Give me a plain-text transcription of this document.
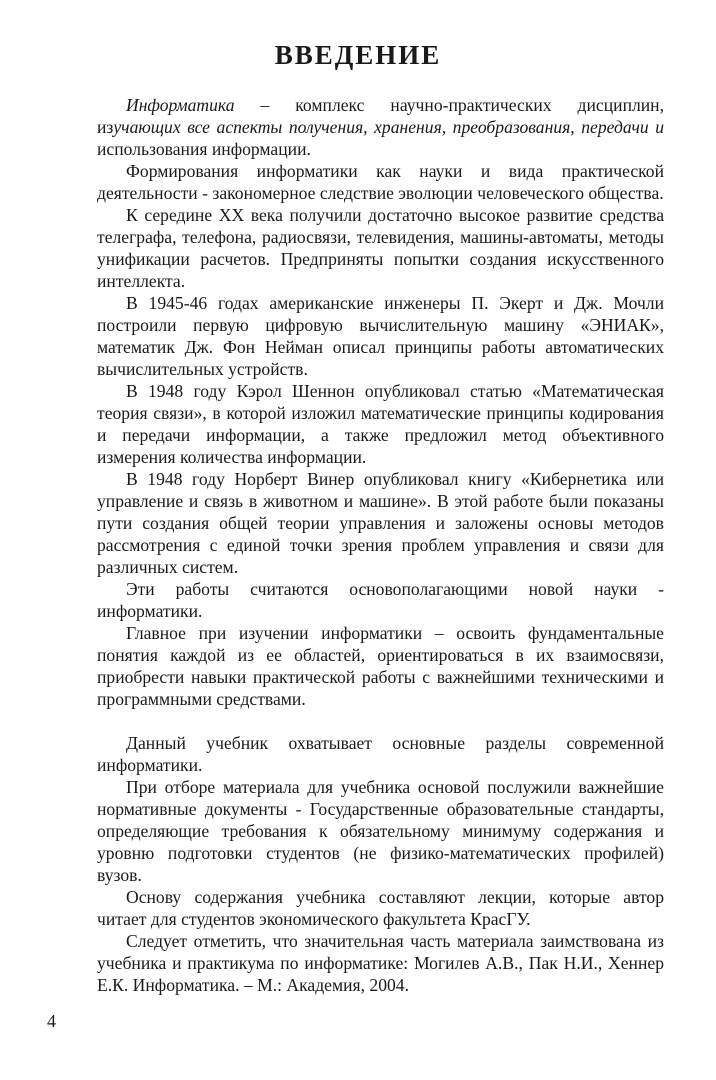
ВВЕДЕНИЕ

Информатика – комплекс научно-практических дисциплин, изучающих все аспекты получения, хранения, преобразования, передачи и использования информации.

Формирования информатики как науки и вида практической деятельности - закономерное следствие эволюции человеческого общества.

К середине XX века получили достаточно высокое развитие средства телеграфа, телефона, радиосвязи, телевидения, машины-автоматы, методы унификации расчетов. Предприняты попытки создания искусственного интеллекта.

В 1945-46 годах американские инженеры П. Экерт и Дж. Мочли построили первую цифровую вычислительную машину «ЭНИАК», математик Дж. Фон Нейман описал принципы работы автоматических вычислительных устройств.

В 1948 году Кэрол Шеннон опубликовал статью «Математическая теория связи», в которой изложил математические принципы кодирования и передачи информации, а также предложил метод объективного измерения количества информации.

В 1948 году Норберт Винер опубликовал книгу «Кибернетика или управление и связь в животном и машине». В этой работе были показаны пути создания общей теории управления и заложены основы методов рассмотрения с единой точки зрения проблем управления и связи для различных систем.

Эти работы считаются основополагающими новой науки - информатики.

Главное при изучении информатики – освоить фундаментальные понятия каждой из ее областей, ориентироваться в их взаимосвязи, приобрести навыки практической работы с важнейшими техническими и программными средствами.

Данный учебник охватывает основные разделы современной информатики.

При отборе материала для учебника основой послужили важнейшие нормативные документы - Государственные образовательные стандарты, определяющие требования к обязательному минимуму содержания и уровню подготовки студентов (не физико-математических профилей) вузов.

Основу содержания учебника составляют лекции, которые автор читает для студентов экономического факультета КрасГУ.

Следует отметить, что значительная часть материала заимствована из учебника и практикума по информатике: Могилев А.В., Пак Н.И., Хеннер Е.К. Информатика. – М.: Академия, 2004.

4
